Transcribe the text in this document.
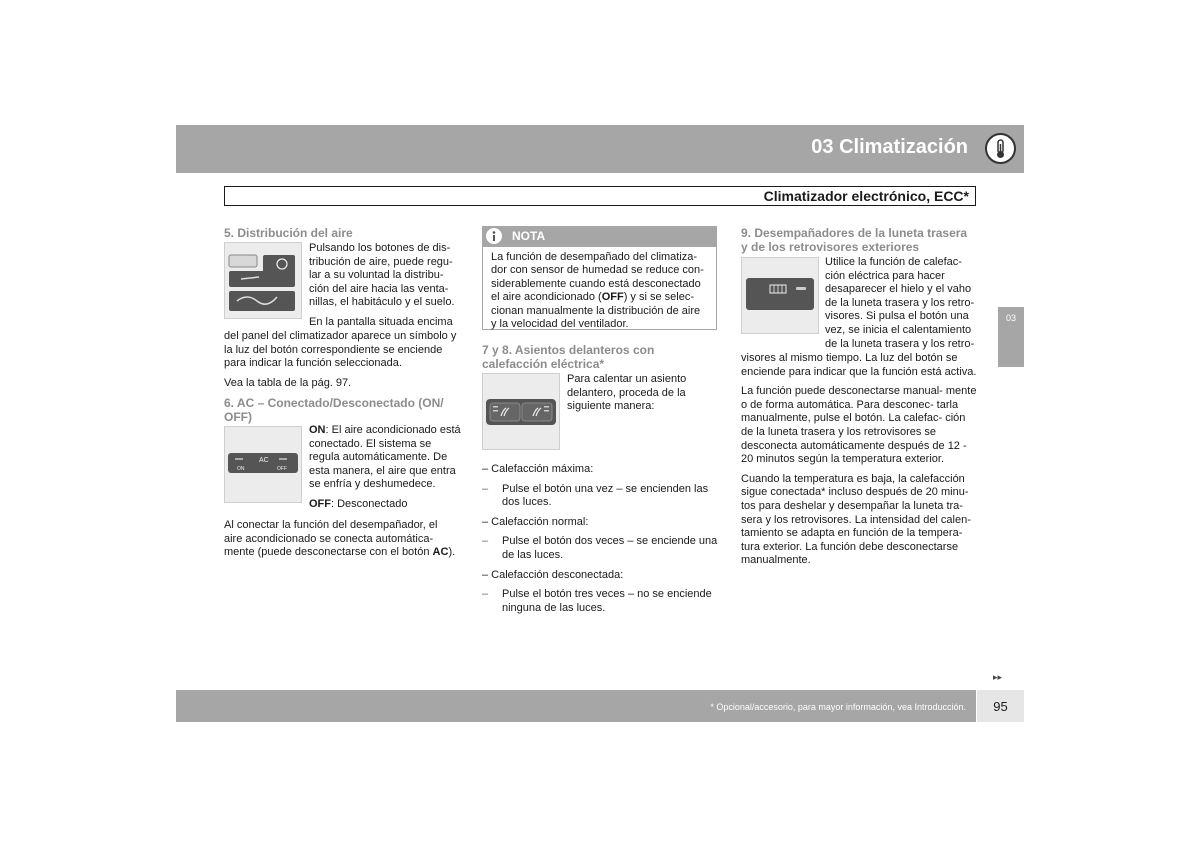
03 Climatización
Climatizador electrónico, ECC*
03
5. Distribución del aire
Pulsando los botones de dis-
tribución de aire, puede regu-
lar a su voluntad la distribu-
ción del aire hacia las venta-
nillas, el habitáculo y el suelo.
En la pantalla situada encima

del panel del climatizador aparece un símbolo y la luz del botón correspondiente se enciende para indicar la función seleccionada.

Vea la tabla de la pág. 97.

6. AC – Conectado/Desconectado (ON/ OFF)
AC
ON	OFF

ON: El aire acondicionado está conectado. El sistema se regula automáticamente. De esta manera, el aire que entra se enfría y deshumedece.

OFF: Desconectado

Al conectar la función del desempañador, el aire acondicionado se conecta automática- mente (puede desconectarse con el botón AC).

NOTA
La función de desempañado del climatiza- dor con sensor de humedad se reduce con- siderablemente cuando está desconectado el aire acondicionado (OFF) y si se selec- cionan manualmente la distribución de aire y la velocidad del ventilador.
7 y 8. Asientos delanteros con calefacción eléctrica*
Para calentar un asiento delantero, proceda de la siguiente manera:

– Calefacción máxima:

– Pulse el botón una vez – se encienden las dos luces.

– Calefacción normal:

– Pulse el botón dos veces – se enciende una de las luces.

– Calefacción desconectada:

– Pulse el botón tres veces – no se enciende ninguna de las luces.

9. Desempañadores de la luneta trasera y de los retrovisores exteriores
Utilice la función de calefac-
ción eléctrica para hacer
desaparecer el hielo y el vaho
de la luneta trasera y los retro-
visores. Si pulsa el botón una
vez, se inicia el calentamiento
de la luneta trasera y los retro-

visores al mismo tiempo. La luz del botón se enciende para indicar que la función está activa.

La función puede desconectarse manual- mente o de forma automática. Para desconec- tarla manualmente, pulse el botón. La calefac- ción de la luneta trasera y los retrovisores se desconecta automáticamente después de 12 - 20 minutos según la temperatura exterior.

Cuando la temperatura es baja, la calefacción sigue conectada* incluso después de 20 minu- tos para deshelar y desempañar la luneta tra- sera y los retrovisores. La intensidad del calen- tamiento se adapta en función de la tempera- tura exterior. La función debe desconectarse manualmente.

▸▸
* Opcional/accesorio, para mayor información, vea Introducción.	95
